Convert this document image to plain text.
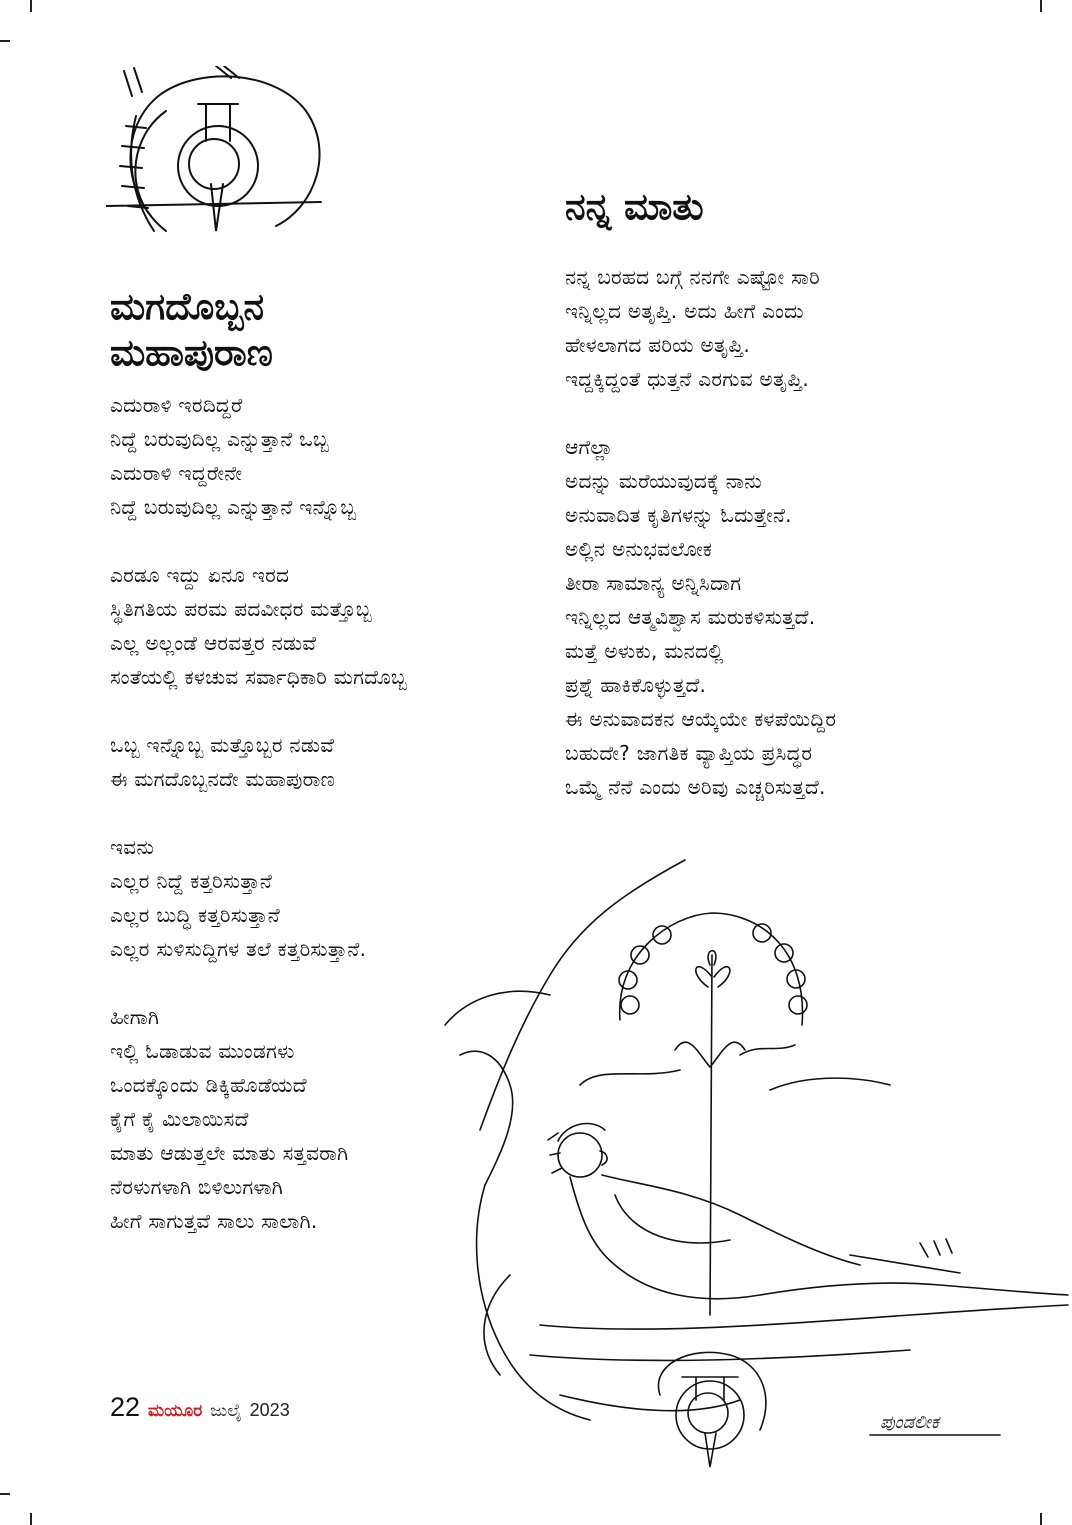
ಪುಂಡಲೀಕ
ಮಗದೊಬ್ಬನ
ಮಹಾಪುರಾಣ
ಎದುರಾಳಿ ಇರದಿದ್ದರೆ
ನಿದ್ದೆ ಬರುವುದಿಲ್ಲ ಎನ್ನುತ್ತಾನೆ ಒಬ್ಬ
ಎದುರಾಳಿ ಇದ್ದರೇನೇ
ನಿದ್ದೆ ಬರುವುದಿಲ್ಲ ಎನ್ನುತ್ತಾನೆ ಇನ್ನೊಬ್ಬ
ಎರಡೂ ಇದ್ದು ಏನೂ ಇರದ
ಸ್ಥಿತಿಗತಿಯ ಪರಮ ಪದವೀಧರ ಮತ್ತೊಬ್ಬ
ಎಲ್ಲ ಅಲ್ಲಂಡೆ ಆರವತ್ತರ ನಡುವೆ
ಸಂತೆಯಲ್ಲಿ ಕಳಚುವ ಸರ್ವಾಧಿಕಾರಿ ಮಗದೊಬ್ಬ
ಒಬ್ಬ ಇನ್ನೊಬ್ಬ ಮತ್ತೊಬ್ಬರ ನಡುವೆ
ಈ ಮಗದೊಬ್ಬನದೇ ಮಹಾಪುರಾಣ
ಇವನು
ಎಲ್ಲರ ನಿದ್ದೆ ಕತ್ತರಿಸುತ್ತಾನೆ
ಎಲ್ಲರ ಬುದ್ಧಿ ಕತ್ತರಿಸುತ್ತಾನೆ
ಎಲ್ಲರ ಸುಳಿಸುದ್ದಿಗಳ ತಲೆ ಕತ್ತರಿಸುತ್ತಾನೆ.
ಹೀಗಾಗಿ
ಇಲ್ಲಿ ಓಡಾಡುವ ಮುಂಡಗಳು
ಒಂದಕ್ಕೊಂದು ಡಿಕ್ಕಿಹೊಡೆಯದೆ
ಕೈಗೆ ಕೈ ಮಿಲಾಯಿಸದೆ
ಮಾತು ಆಡುತ್ತಲೇ ಮಾತು ಸತ್ತವರಾಗಿ
ನೆರಳುಗಳಾಗಿ ಬಿಳಿಲುಗಳಾಗಿ
ಹೀಗೆ ಸಾಗುತ್ತವೆ ಸಾಲು ಸಾಲಾಗಿ.
ನನ್ನ ಮಾತು
ನನ್ನ ಬರಹದ ಬಗ್ಗೆ ನನಗೇ ಎಷ್ಟೋ ಸಾರಿ
ಇನ್ನಿಲ್ಲದ ಅತೃಪ್ತಿ. ಅದು ಹೀಗೆ ಎಂದು
ಹೇಳಲಾಗದ ಪರಿಯ ಅತೃಪ್ತಿ.
ಇದ್ದಕ್ಕಿದ್ದಂತೆ ಧುತ್ತನೆ ಎರಗುವ ಅತೃಪ್ತಿ.
ಆಗೆಲ್ಲಾ
ಅದನ್ನು ಮರೆಯುವುದಕ್ಕೆ ನಾನು
ಅನುವಾದಿತ ಕೃತಿಗಳನ್ನು ಓದುತ್ತೇನೆ.
ಅಲ್ಲಿನ ಅನುಭವಲೋಕ
ತೀರಾ ಸಾಮಾನ್ಯ ಅನ್ನಿಸಿದಾಗ
ಇನ್ನಿಲ್ಲದ ಆತ್ಮವಿಶ್ವಾಸ ಮರುಕಳಿಸುತ್ತದೆ.
ಮತ್ತೆ ಅಳುಕು, ಮನದಲ್ಲಿ
ಪ್ರಶ್ನೆ ಹಾಕಿಕೊಳ್ಳುತ್ತದೆ.
ಈ ಅನುವಾದಕನ ಆಯ್ಕೆಯೇ ಕಳಪೆಯಿದ್ದಿರ
ಬಹುದೇ? ಜಾಗತಿಕ ವ್ಯಾಪ್ತಿಯ ಪ್ರಸಿದ್ಧರ
ಒಮ್ಮೆ ನೆನೆ ಎಂದು ಅರಿವು ಎಚ್ಚರಿಸುತ್ತದೆ.
22 ಮಯೂರ ಜುಲೈ 2023
